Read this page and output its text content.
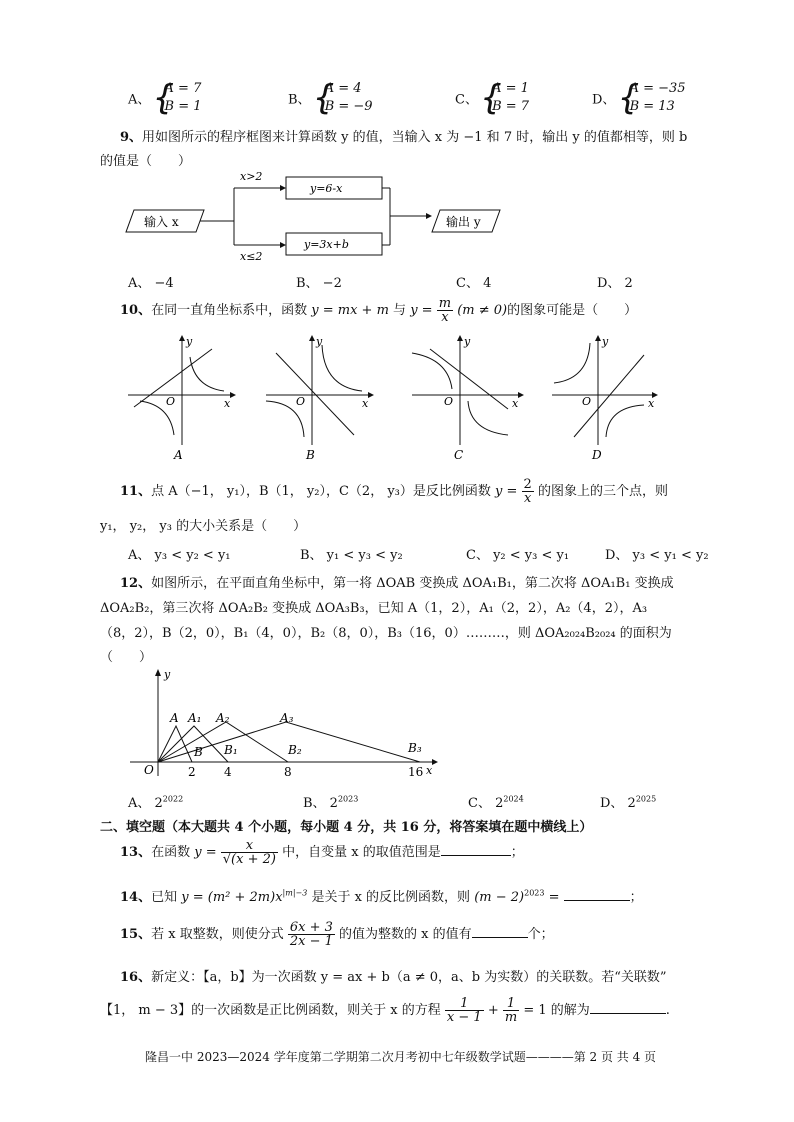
A、 { A = 7
B = 1	B、 { A = 4
B = −9	C、 { A = 1
B = 7	D、 { A = −35
B = 13
9、用如图所示的程序框图来计算函数 y 的值，当输入 x 为 −1 和 7 时，输出 y 的值都相等，则 b
的值是（　　）
输入 x
x>2
x≤2
y=6-x
y=3x+b
输出 y
A、 −4	B、 −2	C、 4	D、 2
10、在同一直角坐标系中，函数 y = mx + m 与 $y = \frac{m}{x} (m \ne 0)$的图象可能是（　　）
O	x
y
A
O	x
y
B
O	x
y
C
O	x
y
D
11、点 A（−1， y₁），B（1， y₂），C（2， y₃）是反比例函数 $y = \frac{2}{x}$ 的图象上的三个点，则
y₁， y₂， y₃ 的大小关系是（　　）
A、 y₃ < y₂ < y₁	B、 y₁ < y₃ < y₂	C、 y₂ < y₃ < y₁	D、 y₃ < y₁ < y₂
12、如图所示，在平面直角坐标中，第一将 ΔOAB 变换成 ΔOA₁B₁，第二次将 ΔOA₁B₁ 变换成
ΔOA₂B₂，第三次将 ΔOA₂B₂ 变换成 ΔOA₃B₃，已知 A（1，2），A₁（2，2），A₂（4，2），A₃
（8，2），B（2，0），B₁（4，0），B₂（8，0），B₃（16，0）………，则 ΔOA₂₀₂₄B₂₀₂₄ 的面积为
（　　）
y
x
O
A A₁ A₂	A₃
B B₁	B₂	B₃
2 4	8	16
A、 $2^{2022}$	B、 $2^{2023}$	C、 $2^{2024}$	D、 $2^{2025}$
二、填空题（本大题共 4 个小题，每小题 4 分，共 16 分，将答案填在题中横线上）
13、在函数 $y = \frac{x}{√(x + 2)}$ 中，自变量 x 的取值范围是	；
14、已知 $y = (m^2 + 2m)x^{|m|-3}$ 是关于 x 的反比例函数，则 $(m - 2)^{2023}$ =	；
15、若 x 取整数，则使分式 $\frac{6x + 3}{2x - 1}$ 的值为整数的 x 的值有	个；
16、新定义：【a，b】为一次函数 y = ax + b（a ≠ 0，a、b 为实数）的关联数。若“关联数”
【1， m − 3】的一次函数是正比例函数，则关于 x 的方程 $\frac{1}{x - 1} + \frac{1}{m} = 1$ 的解为	.
隆昌一中 2023—2024 学年度第二学期第二次月考初中七年级数学试题————第 2 页 共 4 页
